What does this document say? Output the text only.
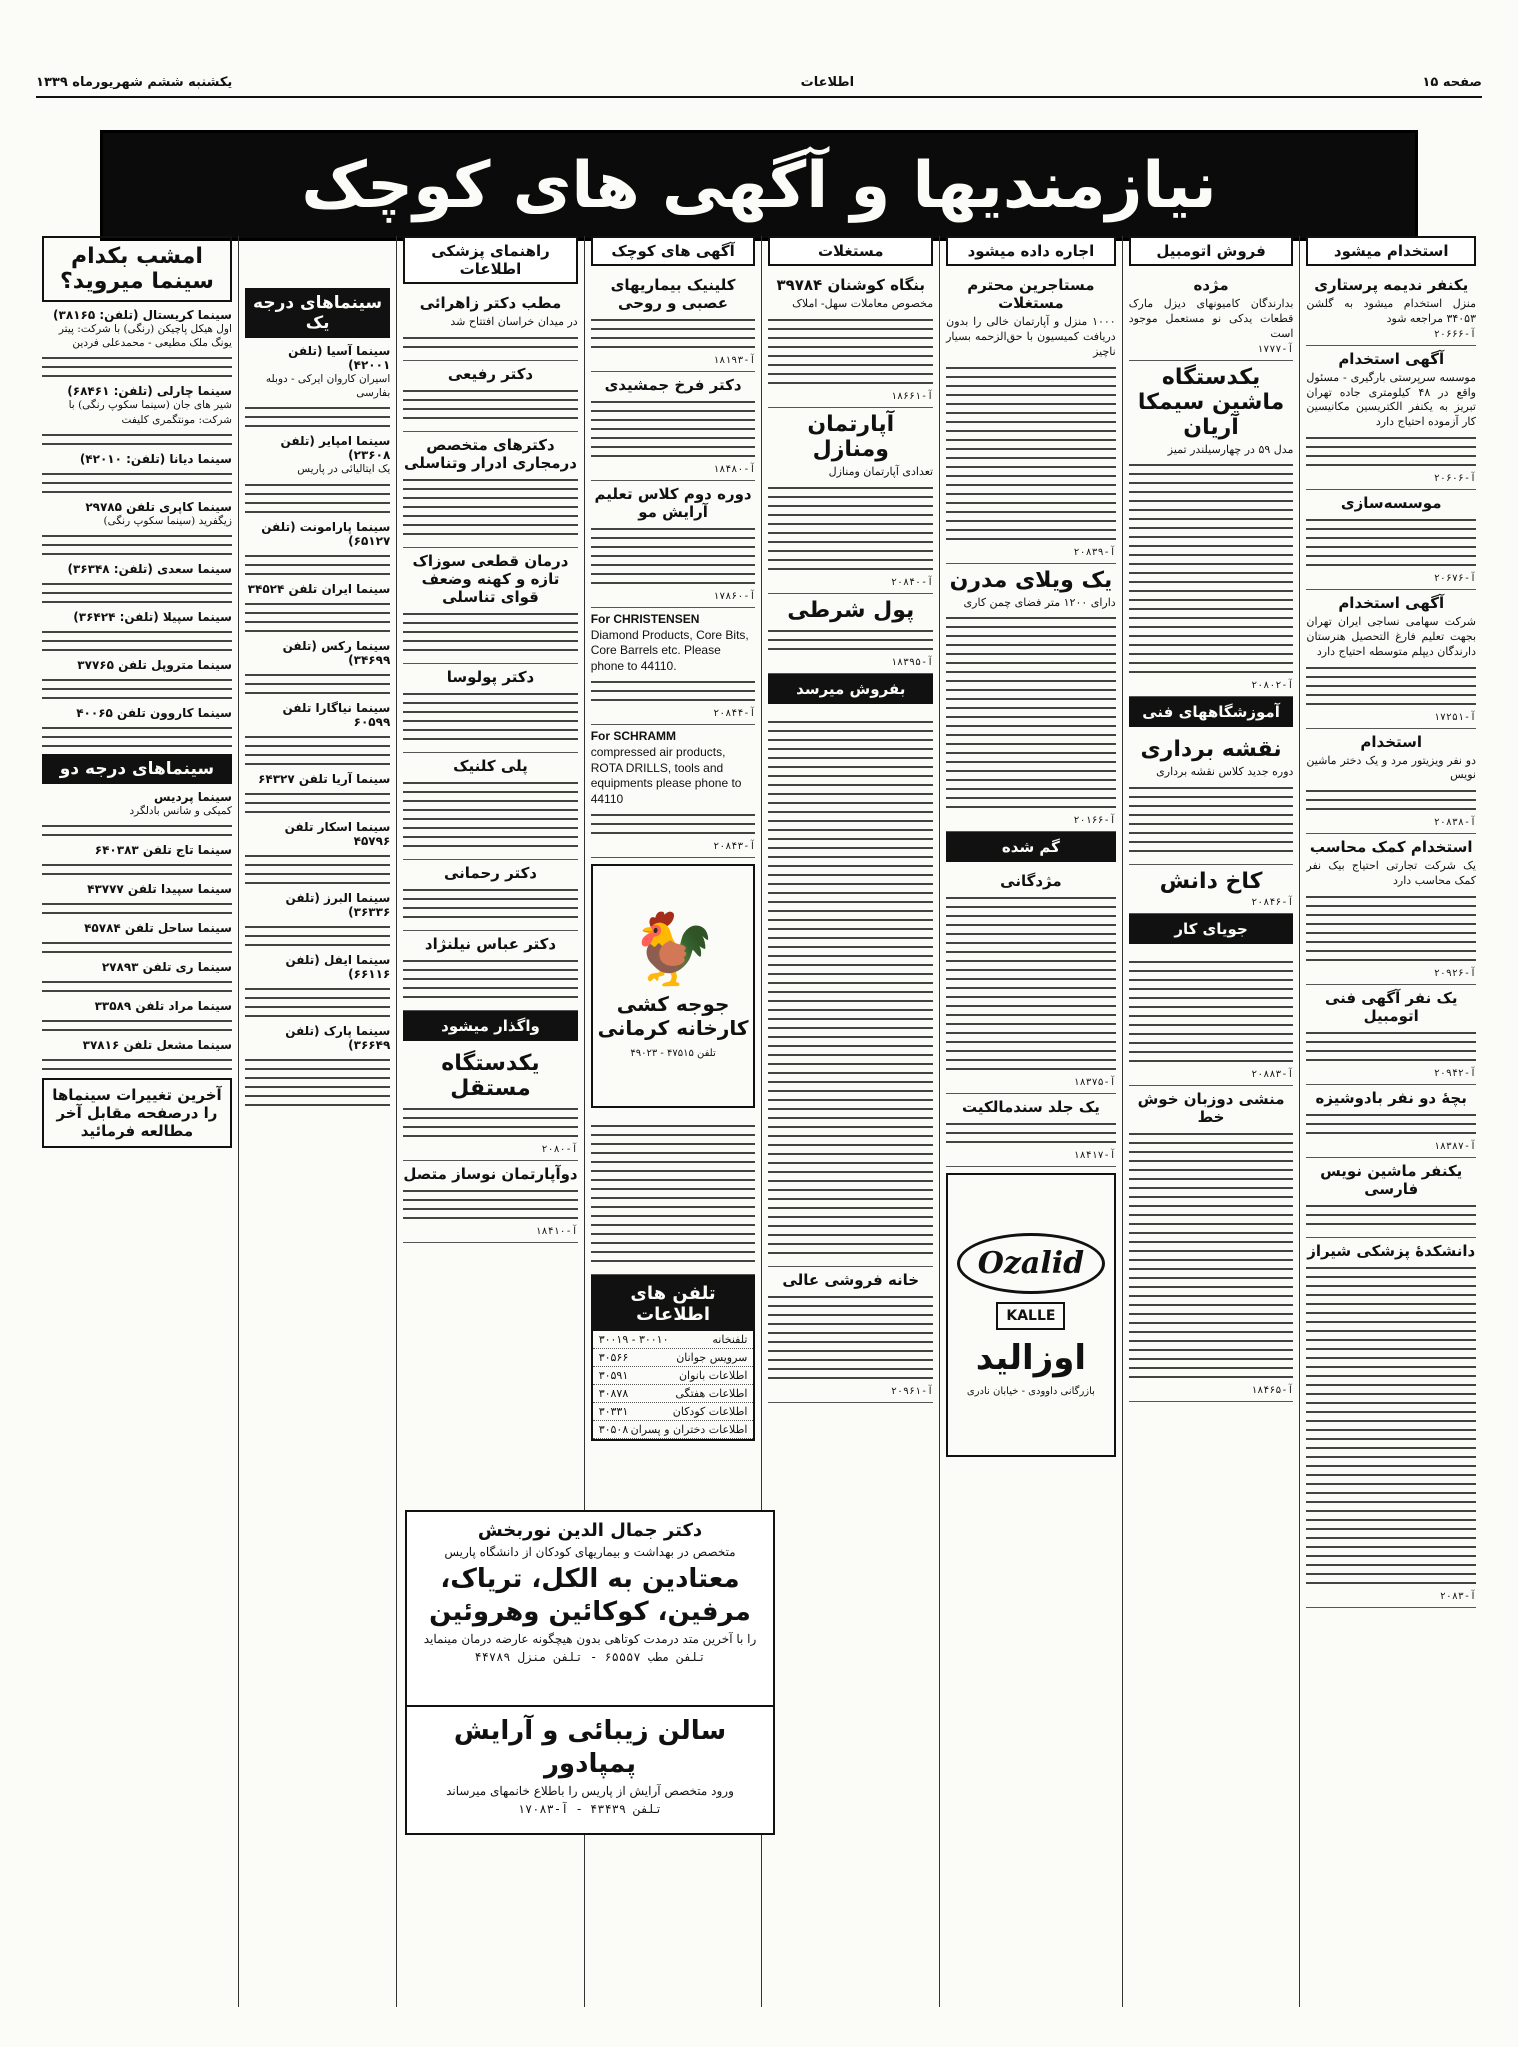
صفحه ۱۵
اطلاعات
یکشنبه ششم شهریورماه ۱۳۳۹
نیازمندیها و آگهی های کوچک
استخدام میشود
یکنفر ندیمه پرستاری
منزل استخدام میشود به گلشن ۳۴۰۵۳ مراجعه شود
آ-۲۰۶۶۶
آگهی استخدام
موسسه سرپرستی بارگیری - مسئول واقع در ۴۸ کیلومتری جاده تهران تبریز به یکنفر الکتریسین مکانیسین کار آزموده احتیاج دارد
آ-۲۰۶۰۶
موسسه‌سازی
آ-۲۰۶۷۶
آگهی استخدام
شرکت سهامی نساجی ایران تهران بجهت تعلیم فارغ التحصیل هنرستان دارندگان دیپلم متوسطه احتیاج دارد
آ-۱۷۲۵۱
استخدام
دو نفر ویزیتور مرد و یک دختر ماشین نویس
آ-۲۰۸۳۸
استخدام کمک محاسب
یک شرکت تجارتی احتیاج بیک نفر کمک محاسب دارد
آ-۲۰۹۲۶
یک نفر آگهی فنی اتومبیل
آ-۲۰۹۴۲
بچهٔ دو نفر بادوشیزه
آ-۱۸۳۸۷
یکنفر ماشین نویس فارسی
دانشکدهٔ پزشکی شیراز
آ-۲۰۸۳
فروش اتومبیل
مژده
بدارندگان کامیونهای دیزل مارک قطعات یدکی نو مستعمل موجود است
آ-۱۷۷۷
یکدستگاه ماشین سیمکا آریان
مدل ۵۹ در چهارسیلندر تمیز
آ-۲۰۸۰۲
آموزشگاههای فنی
نقشه برداری
دوره جدید کلاس نقشه برداری
کاخ دانش
آ-۲۰۸۴۶
جویای کار
آ-۲۰۸۸۳
منشی دوزبان خوش خط
آ-۱۸۴۶۵
اجاره داده میشود
مستاجرین محترم مستغلات
۱۰۰۰ منزل و آپارتمان خالی را بدون دریافت کمیسیون با حق‌الزحمه بسیار ناچیز
آ-۲۰۸۳۹
یک ویلای مدرن
دارای ۱۲۰۰ متر فضای چمن کاری
آ-۲۰۱۶۶
گم شده
مژدگانی
آ-۱۸۳۷۵
یک جلد سندمالکیت
آ-۱۸۴۱۷
Ozalid
KALLE
اوزالید
بازرگانی داوودی - خیابان نادری
مستغلات
بنگاه کوشنان ۳۹۷۸۴
مخصوص معاملات سهل- املاک
آ-۱۸۶۶۱
آپارتمان ومنازل
تعدادی آپارتمان ومنازل
آ-۲۰۸۴۰
پول شرطی
آ-۱۸۳۹۵
بفروش میرسد
خانه فروشی عالی
آ-۲۰۹۶۱
آگهی های کوچک
کلینیک بیماریهای عصبی و روحی
آ-۱۸۱۹۳
دکتر فرخ جمشیدی
آ-۱۸۴۸۰
دوره دوم کلاس تعلیم آرایش مو
آ-۱۷۸۶۰
For CHRISTENSEN
Diamond Products, Core Bits, Core Barrels etc. Please phone to 44110.
آ-۲۰۸۴۴
For SCHRAMM
compressed air products, ROTA DRILLS, tools and equipments please phone to 44110
آ-۲۰۸۴۳
🐓
جوجه کشی کارخانه کرمانی
تلفن ۴۷۵۱۵ - ۴۹۰۲۳
تلفن های اطلاعات
تلفنخانه
۳۰۰۱۰ - ۳۰۰۱۹
سرویس جوانان
۳۰۵۶۶
اطلاعات بانوان
۳۰۵۹۱
اطلاعات هفتگی
۳۰۸۷۸
اطلاعات کودکان
۳۰۳۳۱
اطلاعات دختران و پسران
۳۰۵۰۸
راهنمای پزشکی اطلاعات
مطب دکتر زاهرائی
در میدان خراسان افتتاح شد
دکتر رفیعی
دکترهای متخصص درمجاری ادرار وتناسلی
درمان قطعی سوزاک تازه و کهنه وضعف قوای تناسلی
دکتر پولوسا
پلی کلنیک
دکتر رحمانی
دکتر عباس نیلنژاد
واگذار میشود
یکدستگاه مستقل
آ-۲۰۸۰
دوآپارتمان نوساز متصل
آ-۱۸۴۱۰
سینماهای درجه یک
سینما آسیا (تلفن ۴۲۰۰۱)
اسیران کاروان ایرکی - دوبله بفارسی
سینما امپایر (تلفن ۲۳۶۰۸)
یک ایتالیائی در پاریس
سینما پارامونت (تلفن ۶۵۱۲۷)
سینما ایران تلفن ۳۴۵۲۴
سینما رکس (تلفن ۳۴۶۹۹)
سینما نیاگارا تلفن ۶۰۵۹۹
سینما آریا تلفن ۶۴۳۲۷
سینما اسکار تلفن ۴۵۷۹۶
سینما البرز (تلفن ۳۶۳۳۶)
سینما ایفل (تلفن ۶۶۱۱۶)
سینما پارک (تلفن ۳۶۶۴۹)
امشب بکدام سینما میروید؟
سینما کریستال (تلفن: ۳۸۱۶۵)
اول هیکل پاچیکن (رنگی) با شرکت: پیتر یونگ ملک مطیعی - محمدعلی فردین
سینما چارلی (تلفن: ۶۸۴۶۱)
شیر های جان (سینما سکوپ رنگی) با شرکت: مونتگمری کلیفت
سینما دیانا (تلفن: ۴۲۰۱۰)
سینما کاپری تلفن ۲۹۷۸۵
زیگفرید (سینما سکوپ رنگی)
سینما سعدی (تلفن: ۳۶۳۴۸)
سینما سپیلا (تلفن: ۳۶۴۲۴)
سینما متروپل تلفن ۳۷۷۶۵
سینما کاروون تلفن ۴۰۰۶۵
سینماهای درجه دو
سینما پردیس
کمیکی و شانس بادلگرد
سینما تاج تلفن ۶۴۰۳۸۳
سینما سپیدا تلفن ۴۳۷۷۷
سینما ساحل تلفن ۴۵۷۸۴
سینما ری تلفن ۲۷۸۹۳
سینما مراد تلفن ۳۳۵۸۹
سینما مشعل تلفن ۳۷۸۱۶
آخرین تغییرات سینماها را درصفحه مقابل آخر مطالعه فرمائید
دکتر جمال الدین نوربخش
متخصص در بهداشت و بیماریهای کودکان از دانشگاه پاریس
معتادین به الکل، تریاک، مرفین، کوکائین وهروئین
را با آخرین متد درمدت کوتاهی بدون هیچگونه عارضه درمان مینماید
تلفن مطب ۶۵۵۵۷ - تلفن منزل ۴۴۷۸۹
سالن زیبائی و آرایش پمپادور
ورود متخصص آرایش از پاریس را باطلاع خانمهای میرساند
تلفن ۴۳۴۳۹ - آ-۱۷۰۸۳
